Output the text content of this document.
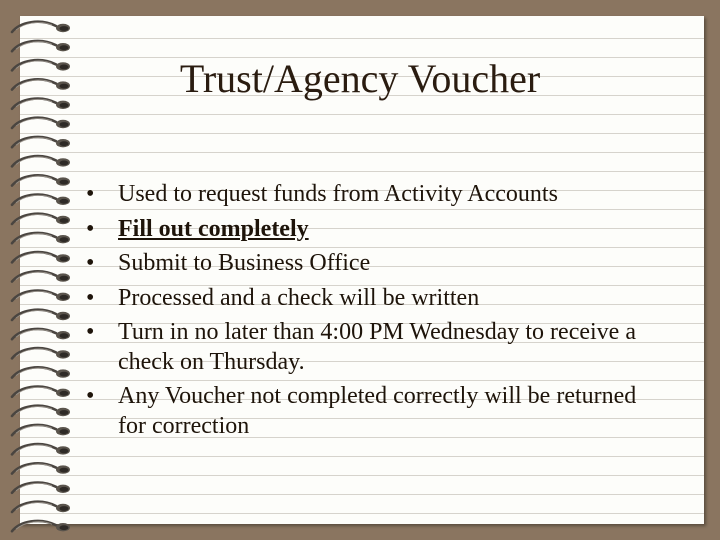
Trust/Agency Voucher
• Used to request funds from Activity Accounts
• Fill out completely
• Submit to Business Office
• Processed and a check will be written
• Turn in no later than 4:00 PM Wednesday to receive a check on Thursday.
• Any Voucher not completed correctly will be returned for correction
